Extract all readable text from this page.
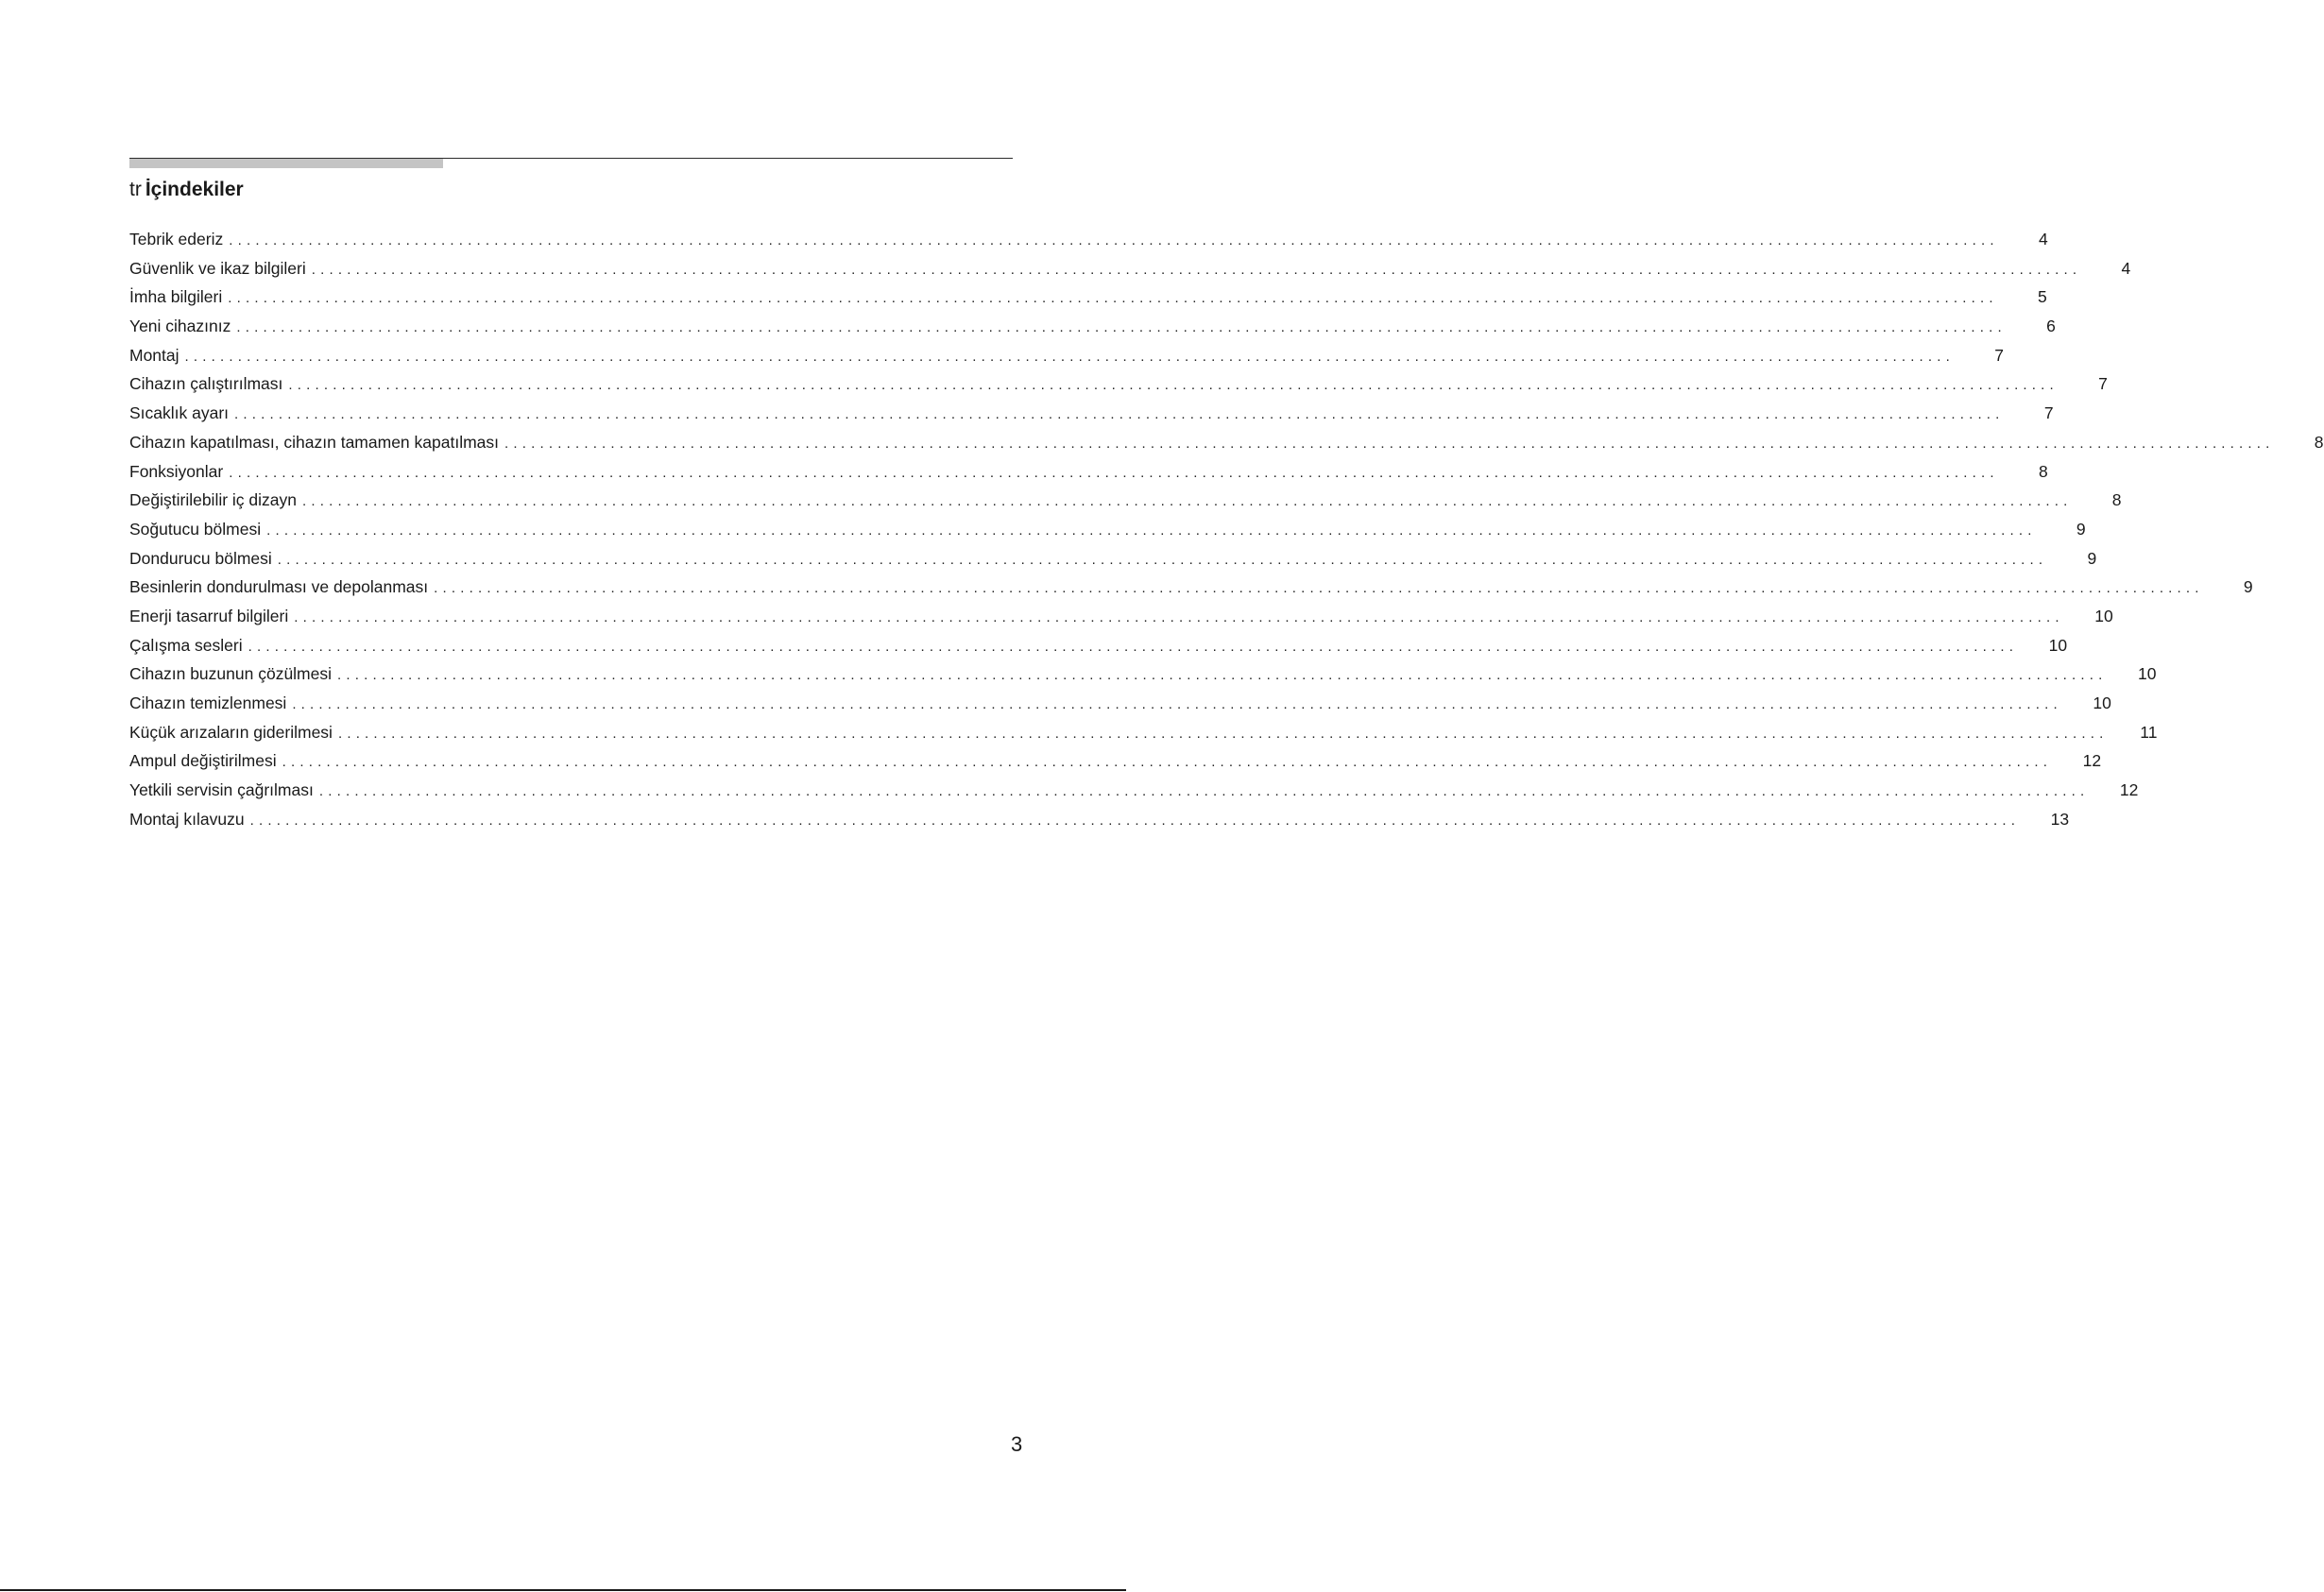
tr İçindekiler
Tebrik ederiz ........................................................................................................................................................................................................	4
Güvenlik ve ikaz bilgileri ........................................................................................................................................................................................................	4
İmha bilgileri ........................................................................................................................................................................................................	5
Yeni cihazınız ........................................................................................................................................................................................................	6
Montaj ........................................................................................................................................................................................................	7
Cihazın çalıştırılması ........................................................................................................................................................................................................	7
Sıcaklık ayarı ........................................................................................................................................................................................................	7
Cihazın kapatılması, cihazın tamamen kapatılması ........................................................................................................................................................................................................	8
Fonksiyonlar ........................................................................................................................................................................................................	8
Değiştirilebilir iç dizayn ........................................................................................................................................................................................................	8
Soğutucu bölmesi ........................................................................................................................................................................................................	9
Dondurucu bölmesi ........................................................................................................................................................................................................	9
Besinlerin dondurulması ve depolanması ........................................................................................................................................................................................................	9
Enerji tasarruf bilgileri ........................................................................................................................................................................................................	10
Çalışma sesleri ........................................................................................................................................................................................................	10
Cihazın buzunun çözülmesi ........................................................................................................................................................................................................	10
Cihazın temizlenmesi ........................................................................................................................................................................................................	10
Küçük arızaların giderilmesi ........................................................................................................................................................................................................	11
Ampul değiştirilmesi ........................................................................................................................................................................................................	12
Yetkili servisin çağrılması ........................................................................................................................................................................................................	12
Montaj kılavuzu ........................................................................................................................................................................................................	13
3
